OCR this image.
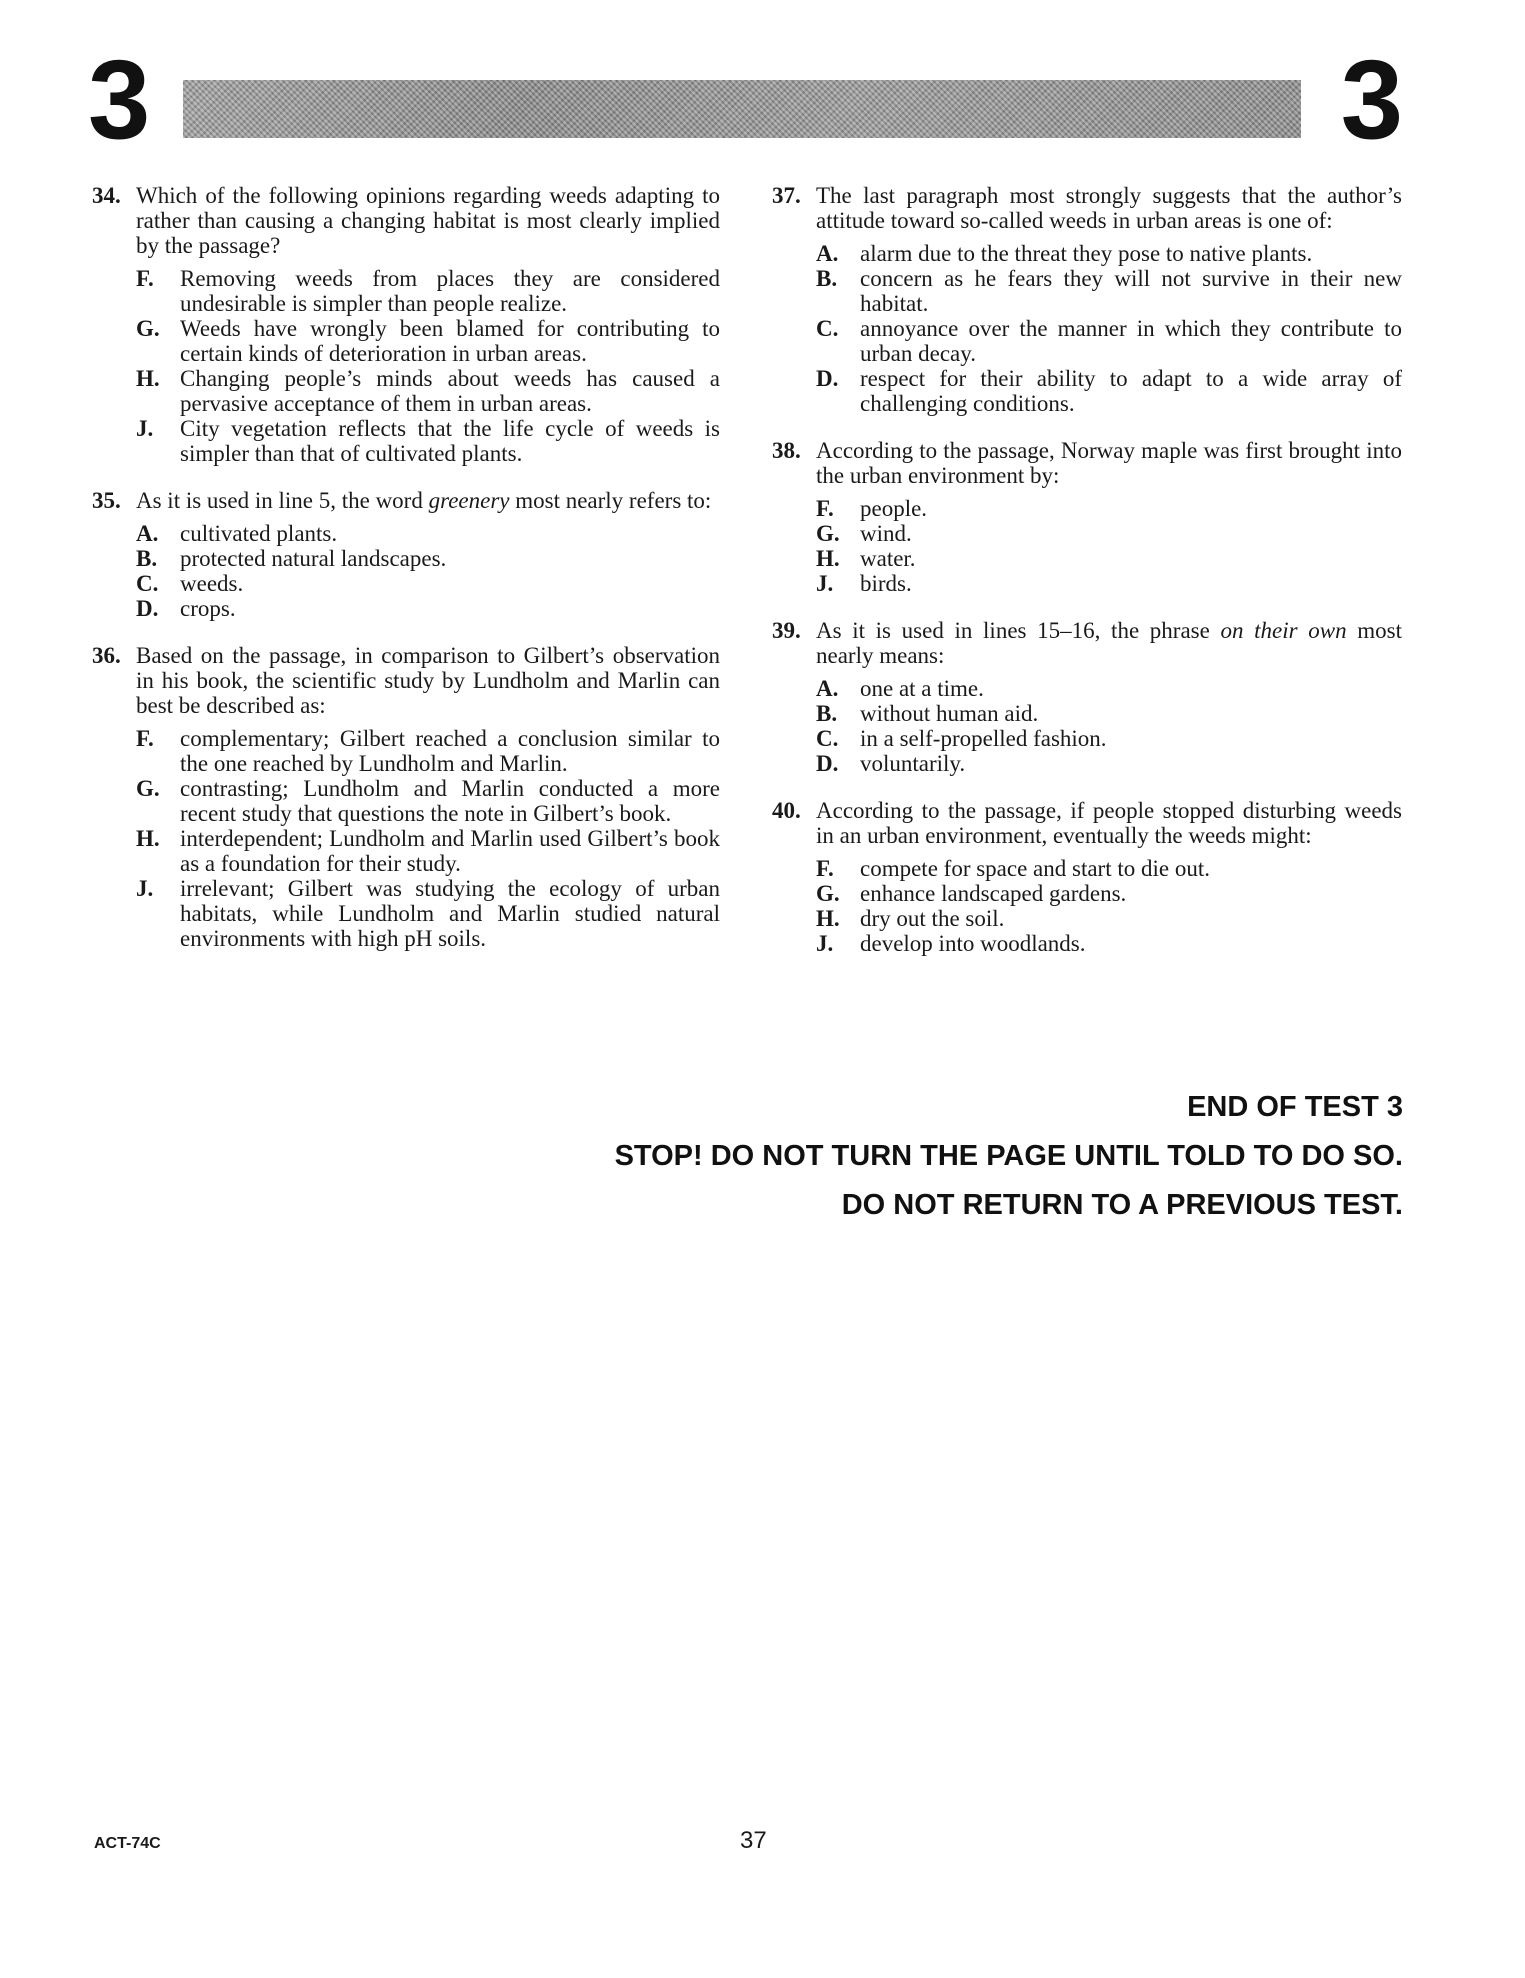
3	3
34. Which of the following opinions regarding weeds adapting to rather than causing a changing habitat is most clearly implied by the passage?

F. Removing weeds from places they are considered undesirable is simpler than people realize.

G. Weeds have wrongly been blamed for contributing to certain kinds of deterioration in urban areas.

H. Changing people’s minds about weeds has caused a pervasive acceptance of them in urban areas.

J. City vegetation reflects that the life cycle of weeds is simpler than that of cultivated plants.

35. As it is used in line 5, the word greenery most nearly refers to:

A. cultivated plants.

B. protected natural landscapes.

C. weeds.

D. crops.

36. Based on the passage, in comparison to Gilbert’s observation in his book, the scientific study by Lundholm and Marlin can best be described as:

F. complementary; Gilbert reached a conclusion similar to the one reached by Lundholm and Marlin.

G. contrasting; Lundholm and Marlin conducted a more recent study that questions the note in Gilbert’s book.

H. interdependent; Lundholm and Marlin used Gilbert’s book as a foundation for their study.

J. irrelevant; Gilbert was studying the ecology of urban habitats, while Lundholm and Marlin studied natural environments with high pH soils.

37. The last paragraph most strongly suggests that the author’s attitude toward so-called weeds in urban areas is one of:

A. alarm due to the threat they pose to native plants.

B. concern as he fears they will not survive in their new habitat.

C. annoyance over the manner in which they contribute to urban decay.

D. respect for their ability to adapt to a wide array of challenging conditions.

38. According to the passage, Norway maple was first brought into the urban environment by:

F. people.

G. wind.

H. water.

J. birds.

39. As it is used in lines 15–16, the phrase on their own most nearly means:

A. one at a time.

B. without human aid.

C. in a self-propelled fashion.

D. voluntarily.

40. According to the passage, if people stopped disturbing weeds in an urban environment, eventually the weeds might:

F. compete for space and start to die out.

G. enhance landscaped gardens.

H. dry out the soil.

J. develop into woodlands.

END OF TEST 3
STOP! DO NOT TURN THE PAGE UNTIL TOLD TO DO SO.
DO NOT RETURN TO A PREVIOUS TEST.
ACT-74C	37
